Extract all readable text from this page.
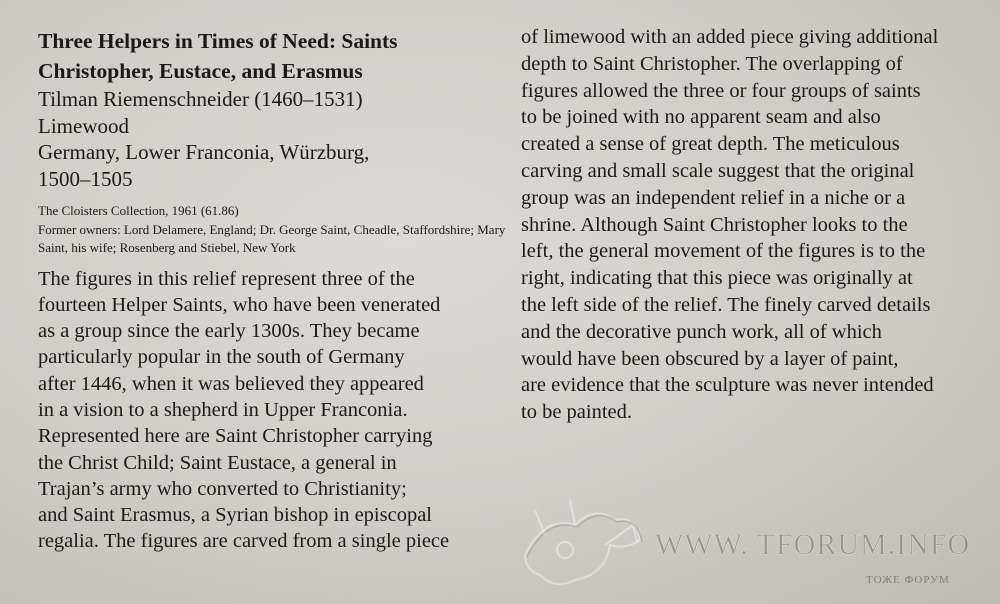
Three Helpers in Times of Need: Saints Christopher, Eustace, and Erasmus

Tilman Riemenschneider (1460–1531)

Limewood

Germany, Lower Franconia, Würzburg,

1500–1505

The Cloisters Collection, 1961 (61.86)

Former owners: Lord Delamere, England; Dr. George Saint, Cheadle, Staffordshire; Mary Saint, his wife; Rosenberg and Stiebel, New York

The figures in this relief represent three of the
fourteen Helper Saints, who have been venerated
as a group since the early 1300s. They became
particularly popular in the south of Germany
after 1446, when it was believed they appeared
in a vision to a shepherd in Upper Franconia.
Represented here are Saint Christopher carrying
the Christ Child; Saint Eustace, a general in
Trajan’s army who converted to Christianity;
and Saint Erasmus, a Syrian bishop in episcopal
regalia. The figures are carved from a single piece

of limewood with an added piece giving additional
depth to Saint Christopher. The overlapping of
figures allowed the three or four groups of saints
to be joined with no apparent seam and also
created a sense of great depth. The meticulous
carving and small scale suggest that the original
group was an independent relief in a niche or a
shrine. Although Saint Christopher looks to the
left, the general movement of the figures is to the
right, indicating that this piece was originally at
the left side of the relief. The finely carved details
and the decorative punch work, all of which
would have been obscured by a layer of paint,
are evidence that the sculpture was never intended
to be painted.

WWW. TFORUM.INFO
ТОЖЕ ФОРУМ
